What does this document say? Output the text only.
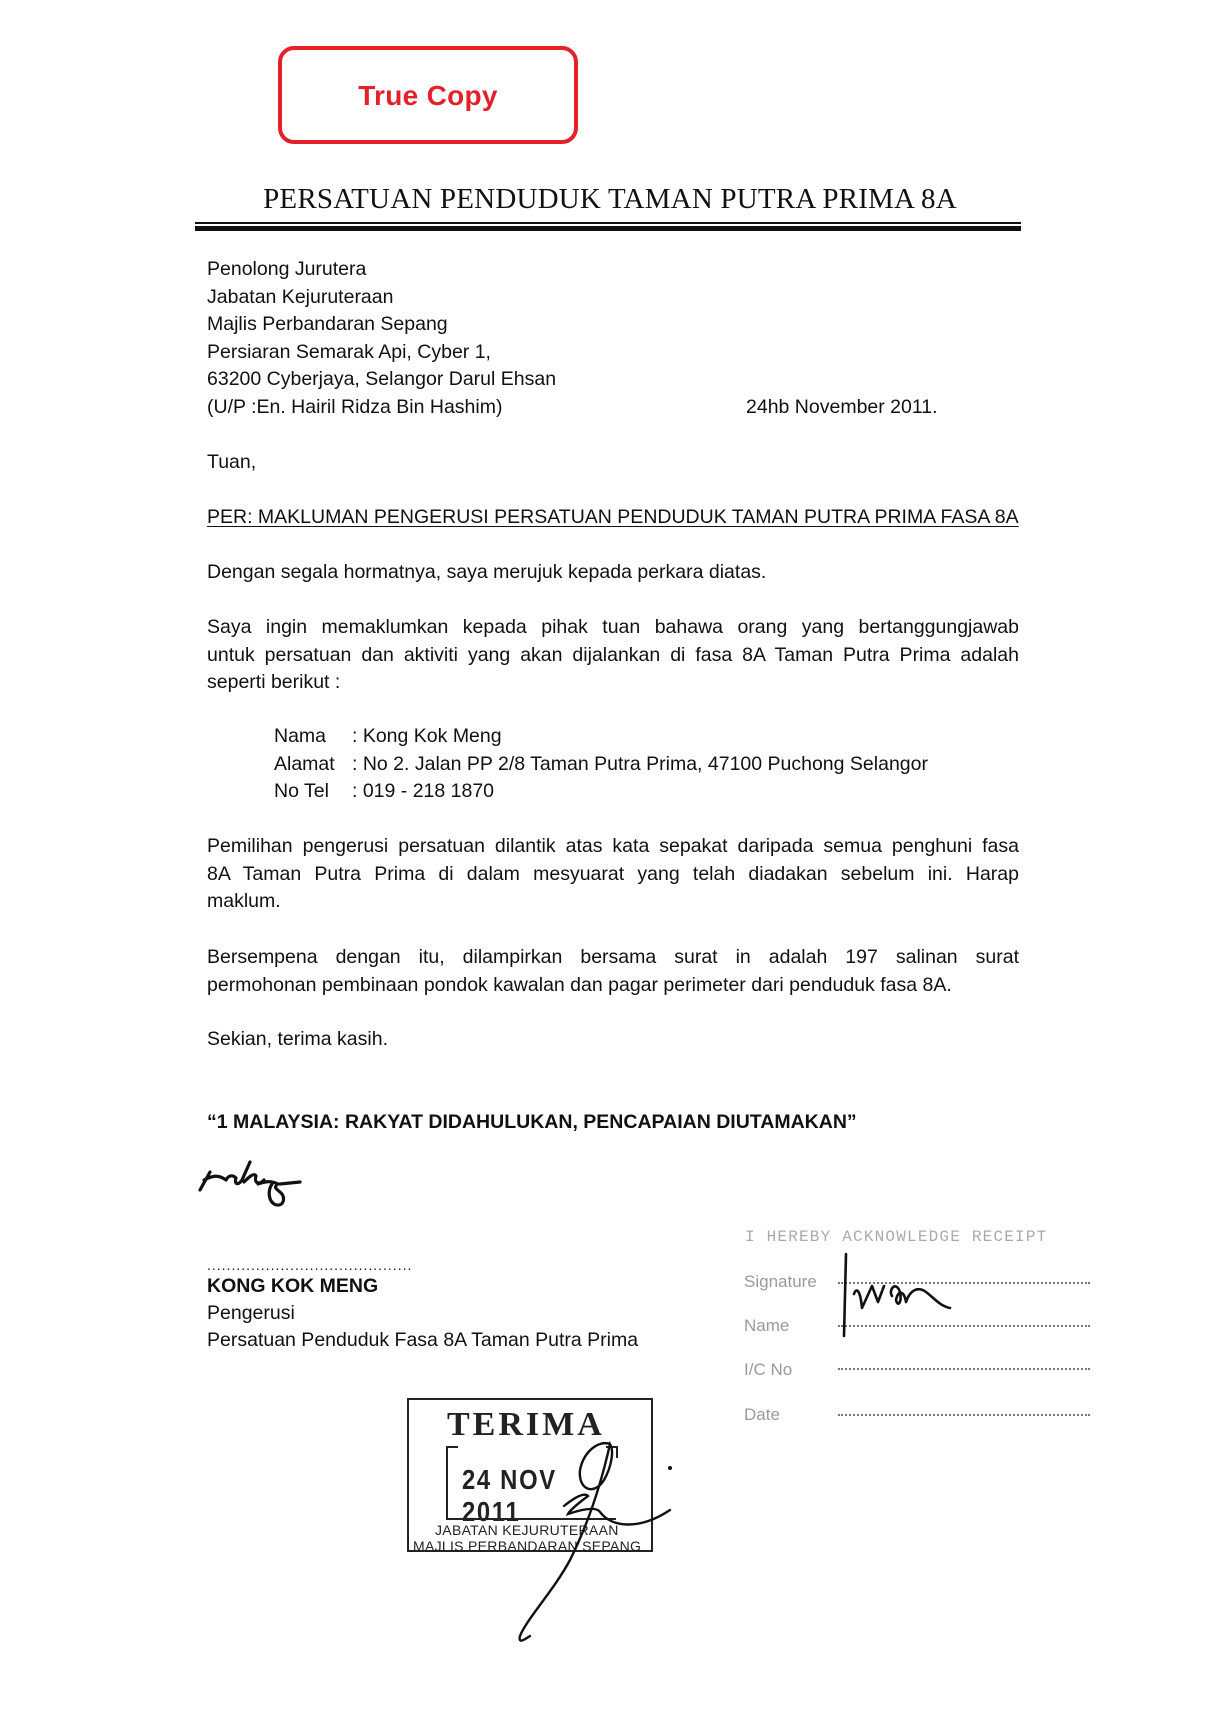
True Copy
PERSATUAN PENDUDUK TAMAN PUTRA PRIMA 8A
Penolong Jurutera
Jabatan Kejuruteraan
Majlis Perbandaran Sepang
Persiaran Semarak Api, Cyber 1,
63200 Cyberjaya, Selangor Darul Ehsan
(U/P :En. Hairil Ridza Bin Hashim)	24hb November 2011.
Tuan,
PER: MAKLUMAN PENGERUSI PERSATUAN PENDUDUK TAMAN PUTRA PRIMA FASA 8A
Dengan segala hormatnya, saya merujuk kepada perkara diatas.
Saya ingin memaklumkan kepada pihak tuan bahawa orang yang bertanggungjawab
untuk persatuan dan aktiviti yang akan dijalankan di fasa 8A Taman Putra Prima adalah
seperti berikut :
Nama	: Kong Kok Meng
Alamat : No 2. Jalan PP 2/8 Taman Putra Prima, 47100 Puchong Selangor
No Tel	: 019 - 218 1870
Pemilihan pengerusi persatuan dilantik atas kata sepakat daripada semua penghuni fasa
8A Taman Putra Prima di dalam mesyuarat yang telah diadakan sebelum ini. Harap
maklum.
Bersempena dengan itu, dilampirkan bersama surat in adalah 197 salinan surat
permohonan pembinaan pondok kawalan dan pagar perimeter dari penduduk fasa 8A.
Sekian, terima kasih.
“1 MALAYSIA: RAKYAT DIDAHULUKAN, PENCAPAIAN DIUTAMAKAN”
..........................................
KONG KOK MENG
Pengerusi
Persatuan Penduduk Fasa 8A Taman Putra Prima
I HEREBY ACKNOWLEDGE RECEIPT
Signature
Name
I/C No
Date
TERIMA
24 NOV 2011
JABATAN KEJURUTERAAN
MAJLIS PERBANDARAN SEPANG
